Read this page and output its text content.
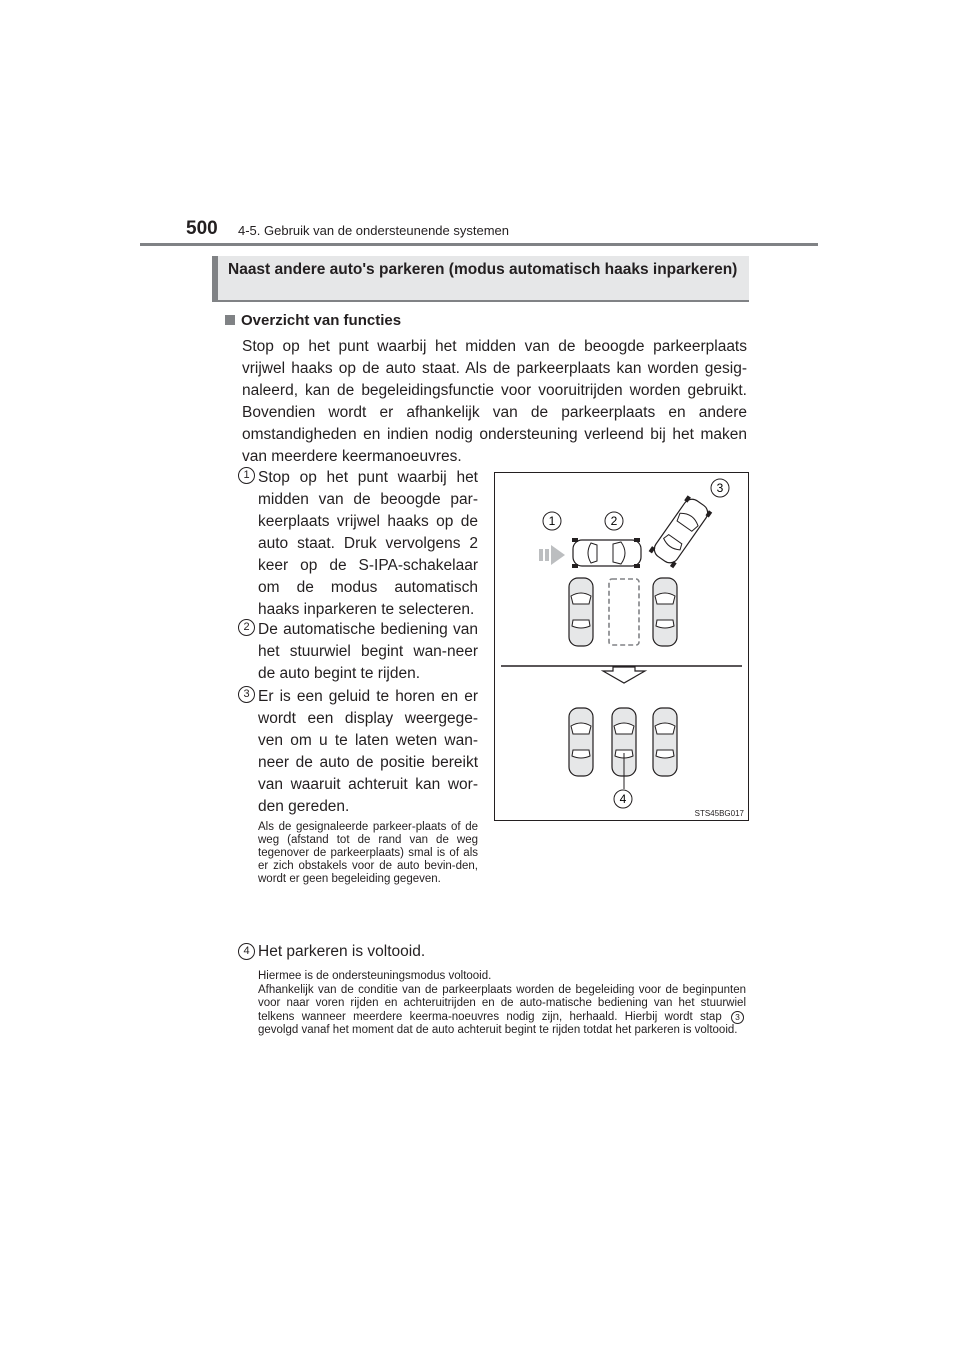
500 4-5. Gebruik van de ondersteunende systemen
Naast andere auto's parkeren (modus automatisch haaks inparkeren)
Overzicht van functies
Stop op het punt waarbij het midden van de beoogde parkeerplaats vrijwel haaks op de auto staat. Als de parkeerplaats kan worden gesig-naleerd, kan de begeleidingsfunctie voor vooruitrijden worden gebruikt. Bovendien wordt er afhankelijk van de parkeerplaats en andere omstandigheden en indien nodig ondersteuning verleend bij het maken van meerdere keermanoeuvres.
1 Stop op het punt waarbij het midden van de beoogde par-keerplaats vrijwel haaks op de auto staat. Druk vervolgens 2 keer op de S-IPA-schakelaar om de modus automatisch haaks inparkeren te selecteren.
2 De automatische bediening van het stuurwiel begint wan-neer de auto begint te rijden.
3 Er is een geluid te horen en er wordt een display weergege-ven om u te laten weten wan-neer de auto de positie bereikt van waaruit achteruit kan wor-den gereden.
Als de gesignaleerde parkeer-plaats of de weg (afstand tot de rand van de weg tegenover de parkeerplaats) smal is of als er zich obstakels voor de auto bevin-den, wordt er geen begeleiding gegeven.
4 Het parkeren is voltooid.
Hiermee is de ondersteuningsmodus voltooid.
Afhankelijk van de conditie van de parkeerplaats worden de begeleiding voor de beginpunten voor naar voren rijden en achteruitrijden en de auto-matische bediening van het stuurwiel telkens wanneer meerdere keerma-noeuvres nodig zijn, herhaald. Hierbij wordt stap 3 gevolgd vanaf het moment dat de auto achteruit begint te rijden totdat het parkeren is voltooid.
1	2
3
4
STS45BG017
